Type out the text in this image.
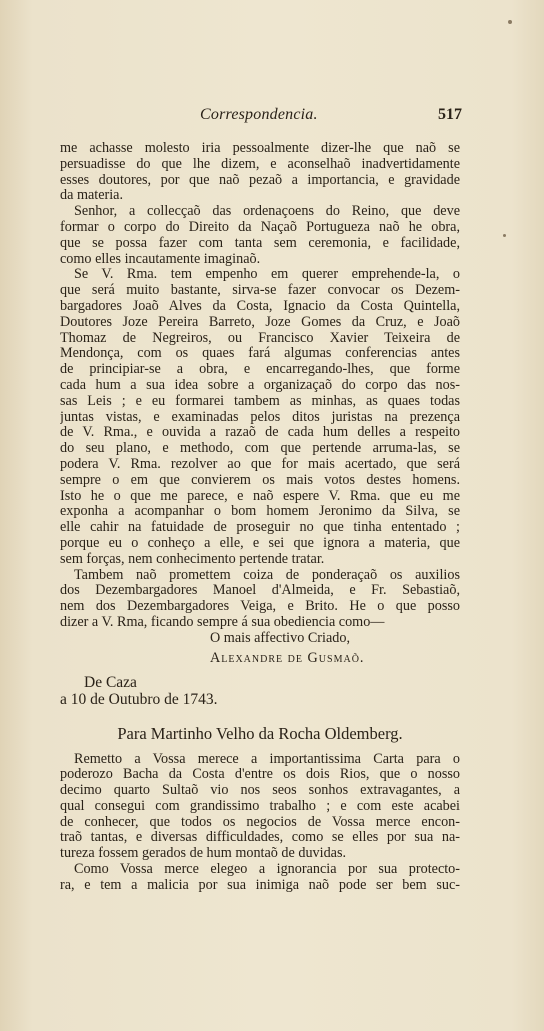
Correspondencia.	517
me achasse molesto iria pessoalmente dizer-lhe que naõ se
persuadisse do que lhe dizem, e aconselhaõ inadvertidamente
esses doutores, por que naõ pezaõ a importancia, e gravidade
da materia.
Senhor, a collecçaõ das ordenaçoens do Reino, que deve
formar o corpo do Direito da Naçaõ Portugueza naõ he obra,
que se possa fazer com tanta sem ceremonia, e facilidade,
como elles incautamente imaginaõ.
Se V. Rma. tem empenho em querer emprehende-la, o
que será muito bastante, sirva-se fazer convocar os Dezem-
bargadores Joaõ Alves da Costa, Ignacio da Costa Quintella,
Doutores Joze Pereira Barreto, Joze Gomes da Cruz, e Joaõ
Thomaz de Negreiros, ou Francisco Xavier Teixeira de
Mendonça, com os quaes fará algumas conferencias antes
de principiar-se a obra, e encarregando-lhes, que forme
cada hum a sua idea sobre a organizaçaõ do corpo das nos-
sas Leis ; e eu formarei tambem as minhas, as quaes todas
juntas vistas, e examinadas pelos ditos juristas na prezença
de V. Rma., e ouvida a razaõ de cada hum delles a respeito
do seu plano, e methodo, com que pertende arruma-las, se
podera V. Rma. rezolver ao que for mais acertado, que será
sempre o em que convierem os mais votos destes homens.
Isto he o que me parece, e naõ espere V. Rma. que eu me
exponha a acompanhar o bom homem Jeronimo da Silva, se
elle cahir na fatuidade de proseguir no que tinha ententado ;
porque eu o conheço a elle, e sei que ignora a materia, que
sem forças, nem conhecimento pertende tratar.
Tambem naõ promettem coiza de ponderaçaõ os auxilios
dos Dezembargadores Manoel d'Almeida, e Fr. Sebastiaõ,
nem dos Dezembargadores Veiga, e Brito. He o que posso
dizer a V. Rma, ficando sempre á sua obediencia como—
O mais affectivo Criado,
Alexandre de Gusmaõ.
De Caza
a 10 de Outubro de 1743.
Para Martinho Velho da Rocha Oldemberg.
Remetto a Vossa merece a importantissima Carta para o
poderozo Bacha da Costa d'entre os dois Rios, que o nosso
decimo quarto Sultaõ vio nos seos sonhos extravagantes, a
qual consegui com grandissimo trabalho ; e com este acabei
de conhecer, que todos os negocios de Vossa merce encon-
traõ tantas, e diversas difficuldades, como se elles por sua na-
tureza fossem gerados de hum montaõ de duvidas.
Como Vossa merce elegeo a ignorancia por sua protecto-
ra, e tem a malicia por sua inimiga naõ pode ser bem suc-
